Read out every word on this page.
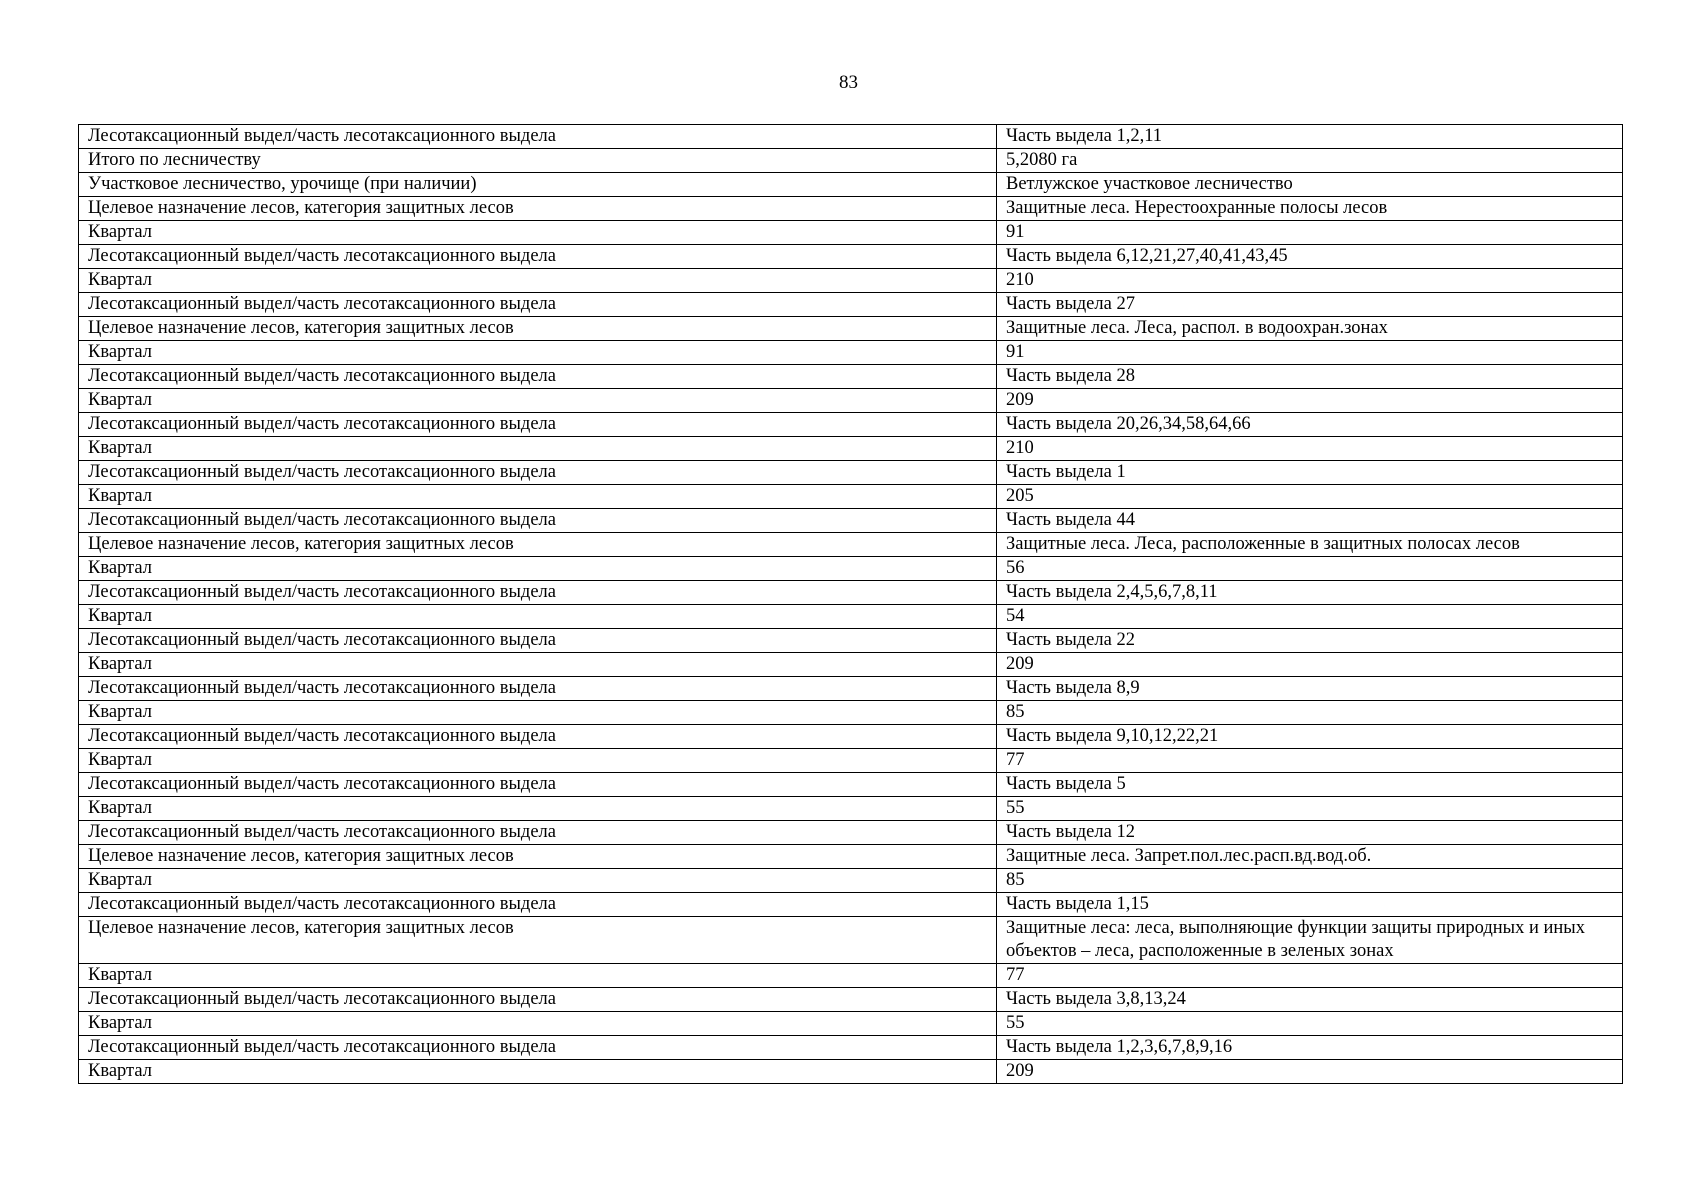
83
Лесотаксационный выдел/часть лесотаксационного выдела	Часть выдела 1,2,11
Итого по лесничеству	5,2080 га
Участковое лесничество, урочище (при наличии)	Ветлужское участковое лесничество
Целевое назначение лесов, категория защитных лесов	Защитные леса. Нерестоохранные полосы лесов
Квартал	91
Лесотаксационный выдел/часть лесотаксационного выдела	Часть выдела 6,12,21,27,40,41,43,45
Квартал	210
Лесотаксационный выдел/часть лесотаксационного выдела	Часть выдела 27
Целевое назначение лесов, категория защитных лесов	Защитные леса. Леса, распол. в водоохран.зонах
Квартал	91
Лесотаксационный выдел/часть лесотаксационного выдела	Часть выдела 28
Квартал	209
Лесотаксационный выдел/часть лесотаксационного выдела	Часть выдела 20,26,34,58,64,66
Квартал	210
Лесотаксационный выдел/часть лесотаксационного выдела	Часть выдела 1
Квартал	205
Лесотаксационный выдел/часть лесотаксационного выдела	Часть выдела 44
Целевое назначение лесов, категория защитных лесов	Защитные леса. Леса, расположенные в защитных полосах лесов
Квартал	56
Лесотаксационный выдел/часть лесотаксационного выдела	Часть выдела 2,4,5,6,7,8,11
Квартал	54
Лесотаксационный выдел/часть лесотаксационного выдела	Часть выдела 22
Квартал	209
Лесотаксационный выдел/часть лесотаксационного выдела	Часть выдела 8,9
Квартал	85
Лесотаксационный выдел/часть лесотаксационного выдела	Часть выдела 9,10,12,22,21
Квартал	77
Лесотаксационный выдел/часть лесотаксационного выдела	Часть выдела 5
Квартал	55
Лесотаксационный выдел/часть лесотаксационного выдела	Часть выдела 12
Целевое назначение лесов, категория защитных лесов	Защитные леса. Запрет.пол.лес.расп.вд.вод.об.
Квартал	85
Лесотаксационный выдел/часть лесотаксационного выдела	Часть выдела 1,15
Целевое назначение лесов, категория защитных лесов	Защитные леса: леса, выполняющие функции защиты природных и иных объектов – леса, расположенные в зеленых зонах
Квартал	77
Лесотаксационный выдел/часть лесотаксационного выдела	Часть выдела 3,8,13,24
Квартал	55
Лесотаксационный выдел/часть лесотаксационного выдела	Часть выдела 1,2,3,6,7,8,9,16
Квартал	209
